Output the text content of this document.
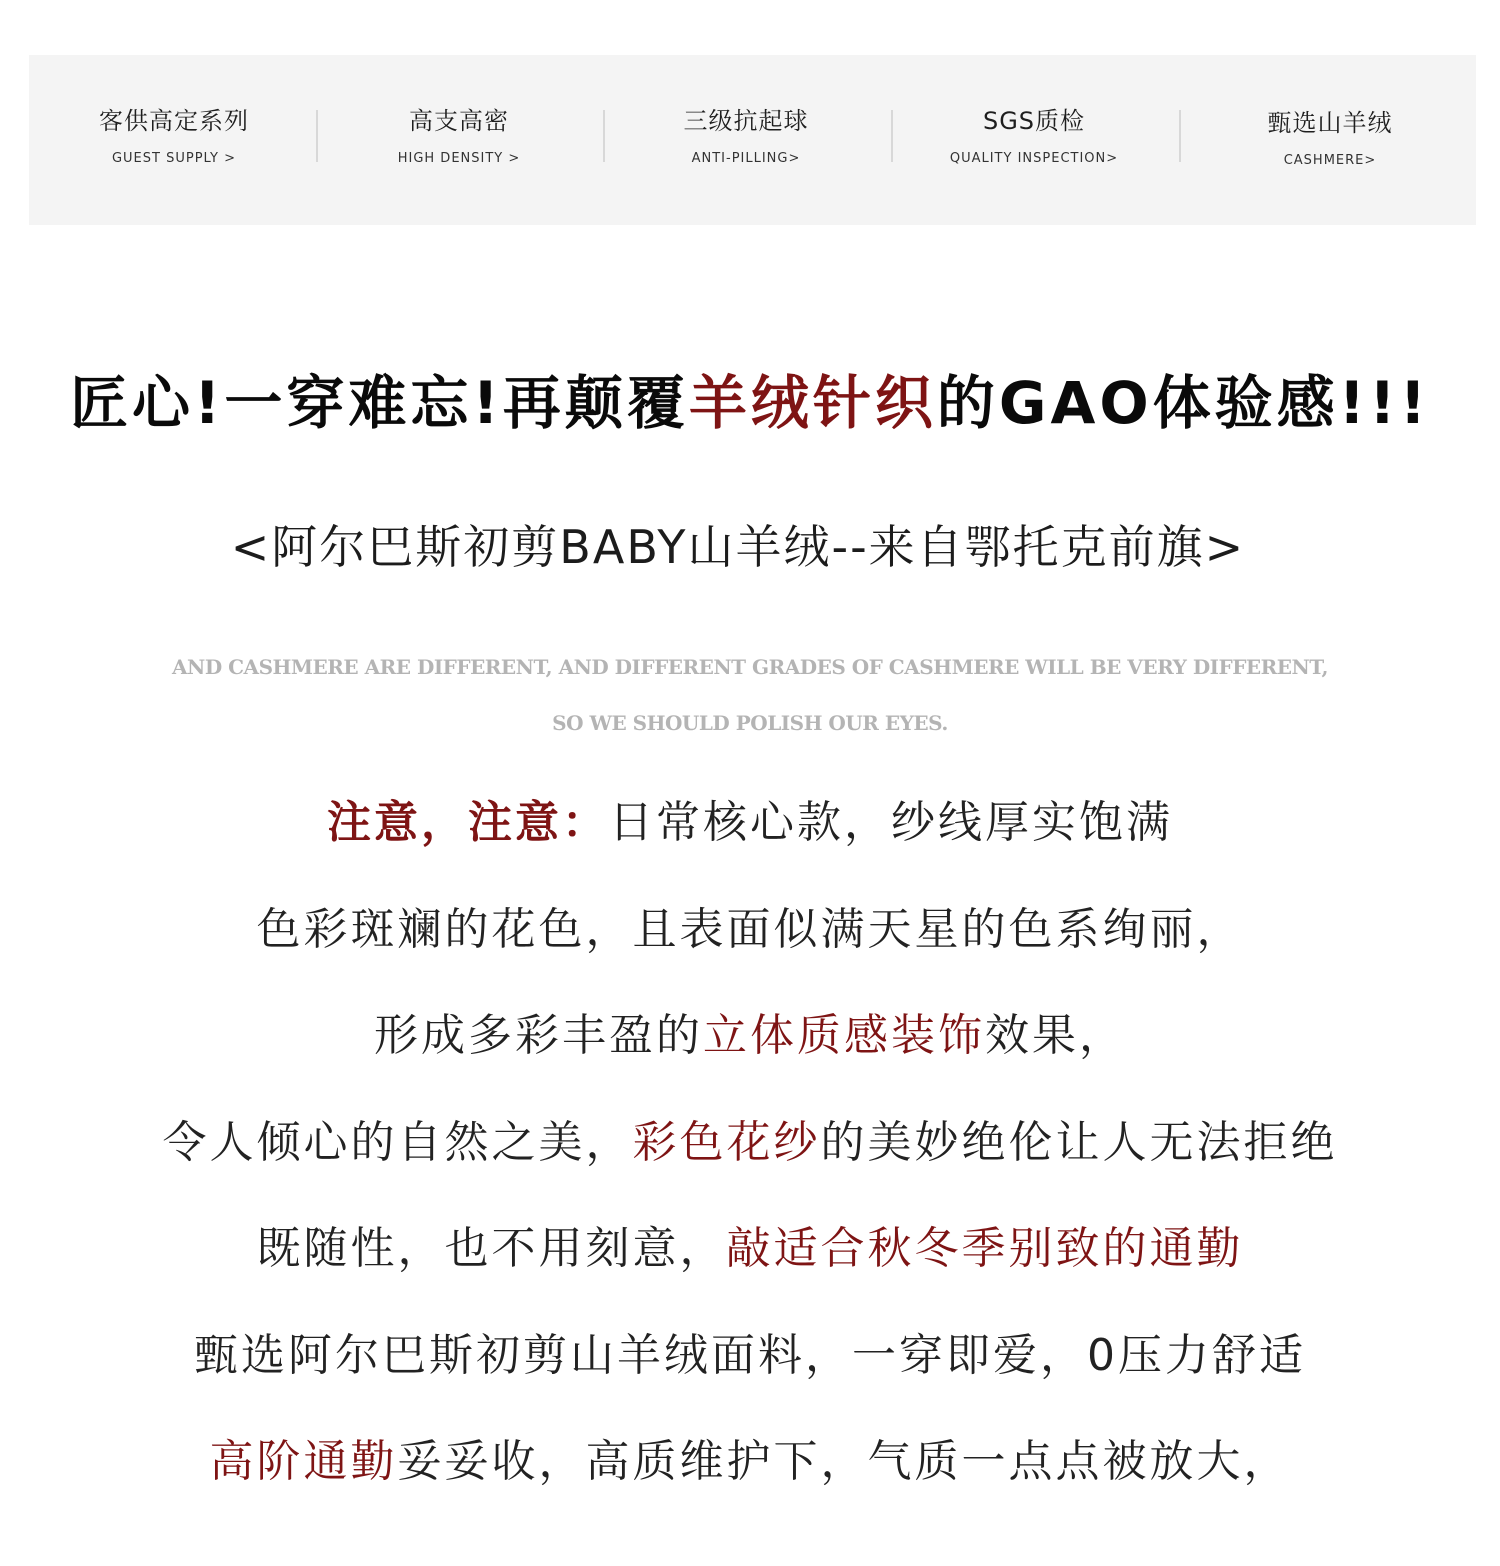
客供高定系列
GUEST SUPPLY >
高支高密
HIGH DENSITY >
三级抗起球
ANTI-PILLING>
SGS质检
QUALITY INSPECTION>
甄选山羊绒
CASHMERE>
匠心!一穿难忘!再颠覆羊绒针织的GAO体验感!!!
<阿尔巴斯初剪BABY山羊绒--来自鄂托克前旗>
AND CASHMERE ARE DIFFERENT, AND DIFFERENT GRADES OF CASHMERE WILL BE VERY DIFFERENT,
SO WE SHOULD POLISH OUR EYES.
注意，注意：日常核心款，纱线厚实饱满
色彩斑斓的花色，且表面似满天星的色系绚丽，
形成多彩丰盈的立体质感装饰效果，
令人倾心的自然之美，彩色花纱的美妙绝伦让人无法拒绝
既随性，也不用刻意，敲适合秋冬季别致的通勤
甄选阿尔巴斯初剪山羊绒面料，一穿即爱，0压力舒适
高阶通勤妥妥收，高质维护下，气质一点点被放大，
